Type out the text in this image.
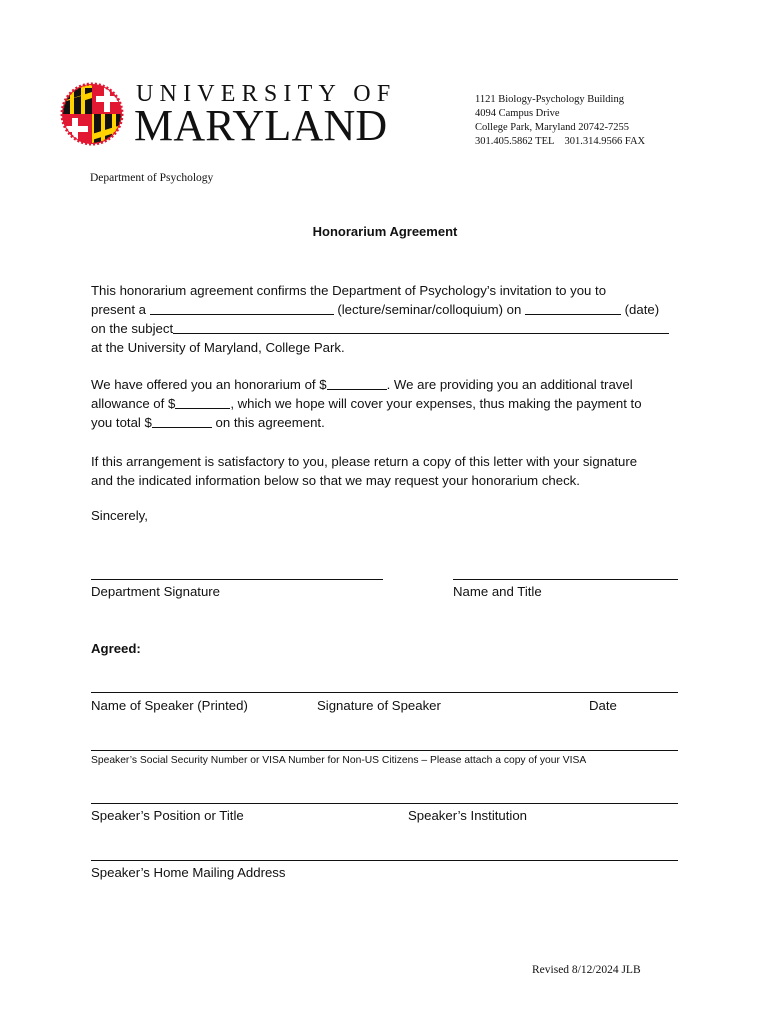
UNIVERSITY OF
MARYLAND
1121 Biology-Psychology Building
4094 Campus Drive
College Park, Maryland 20742-7255
301.405.5862 TEL    301.314.9566 FAX
Department of Psychology
Honorarium Agreement
This honorarium agreement confirms the Department of Psychology’s invitation to you to
present a	(lecture/seminar/colloquium) on	(date)
on the subject
at the University of Maryland, College Park.
We have offered you an honorarium of $	. We are providing you an additional travel
allowance of $	, which we hope will cover your expenses, thus making the payment to
you total $	on this agreement.
If this arrangement is satisfactory to you, please return a copy of this letter with your signature
and the indicated information below so that we may request your honorarium check.
Sincerely,
Department Signature	Name and Title
Agreed:
Name of Speaker (Printed)	Signature of Speaker	Date
Speaker’s Social Security Number or VISA Number for Non-US Citizens – Please attach a copy of your VISA
Speaker’s Position or Title	Speaker’s Institution
Speaker’s Home Mailing Address
Revised 8/12/2024 JLB
